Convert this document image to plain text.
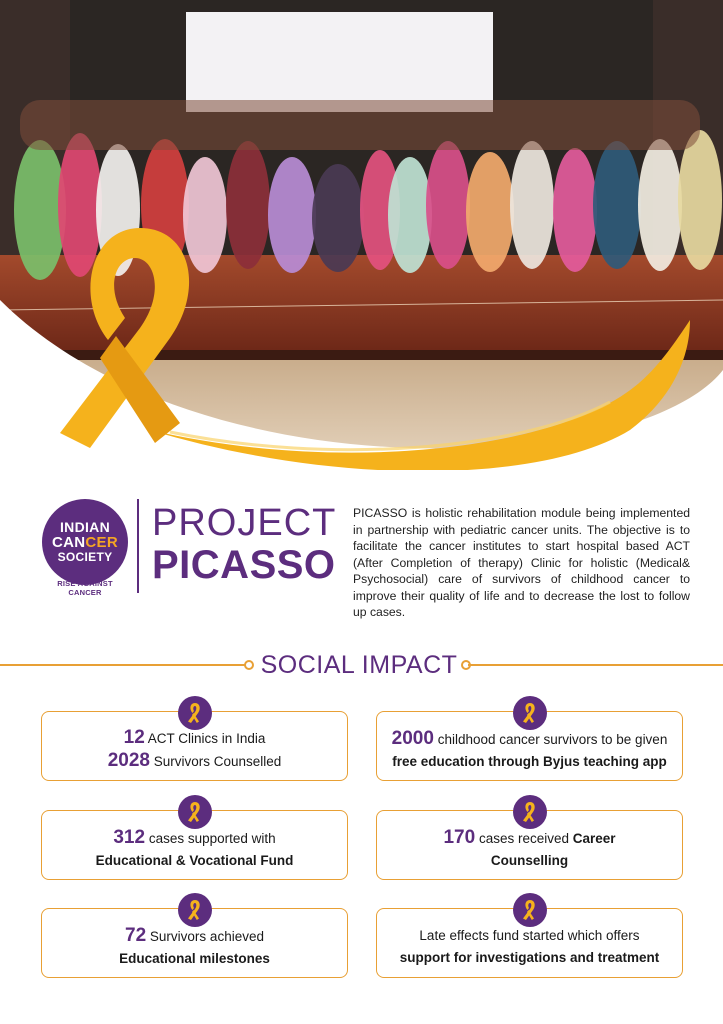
INDIAN
CANCER
SOCIETY
RISE AGAINST CANCER
PROJECT
PICASSO

PICASSO is holistic rehabilitation module being implemented in partnership with pediatric cancer units. The objective is to facilitate the cancer institutes to start hospital based ACT (After Completion of therapy) Clinic for holistic (Medical& Psychosocial) care of survivors of childhood cancer to improve their quality of life and to decrease the lost to follow up cases.

SOCIAL IMPACT
12 ACT Clinics in India
2028 Survivors Counselled
2000 childhood cancer survivors to be given
free education through Byjus teaching app
312 cases supported with
Educational & Vocational Fund
170 cases received Career
Counselling
72 Survivors achieved
Educational milestones
Late effects fund started which offers
support for investigations and treatment
